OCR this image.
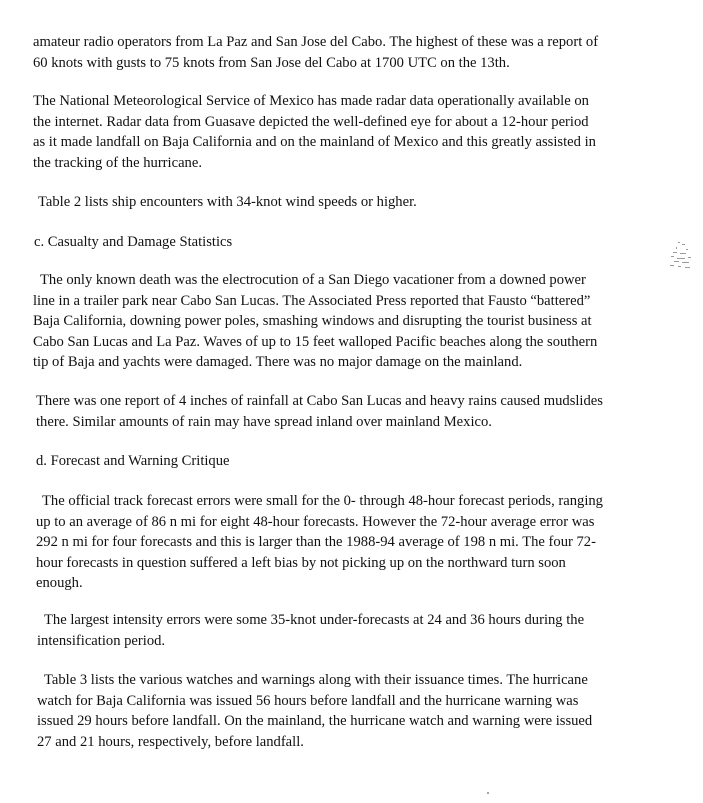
amateur radio operators from La Paz and San Jose del Cabo. The highest of these was a report of
60 knots with gusts to 75 knots from San Jose del Cabo at 1700 UTC on the 13th.
The National Meteorological Service of Mexico has made radar data operationally available on
the internet. Radar data from Guasave depicted the well-defined eye for about a 12-hour period
as it made landfall on Baja California and on the mainland of Mexico and this greatly assisted in
the tracking of the hurricane.
Table 2 lists ship encounters with 34-knot wind speeds or higher.
c. Casualty and Damage Statistics
The only known death was the electrocution of a San Diego vacationer from a downed power
line in a trailer park near Cabo San Lucas. The Associated Press reported that Fausto “battered”
Baja California, downing power poles, smashing windows and disrupting the tourist business at
Cabo San Lucas and La Paz. Waves of up to 15 feet walloped Pacific beaches along the southern
tip of Baja and yachts were damaged. There was no major damage on the mainland.
There was one report of 4 inches of rainfall at Cabo San Lucas and heavy rains caused mudslides
there. Similar amounts of rain may have spread inland over mainland Mexico.
d. Forecast and Warning Critique
The official track forecast errors were small for the 0- through 48-hour forecast periods, ranging
up to an average of 86 n mi for eight 48-hour forecasts. However the 72-hour average error was
292 n mi for four forecasts and this is larger than the 1988-94 average of 198 n mi. The four 72-
hour forecasts in question suffered a left bias by not picking up on the northward turn soon
enough.
The largest intensity errors were some 35-knot under-forecasts at 24 and 36 hours during the
intensification period.
Table 3 lists the various watches and warnings along with their issuance times. The hurricane
watch for Baja California was issued 56 hours before landfall and the hurricane warning was
issued 29 hours before landfall. On the mainland, the hurricane watch and warning were issued
27 and 21 hours, respectively, before landfall.
